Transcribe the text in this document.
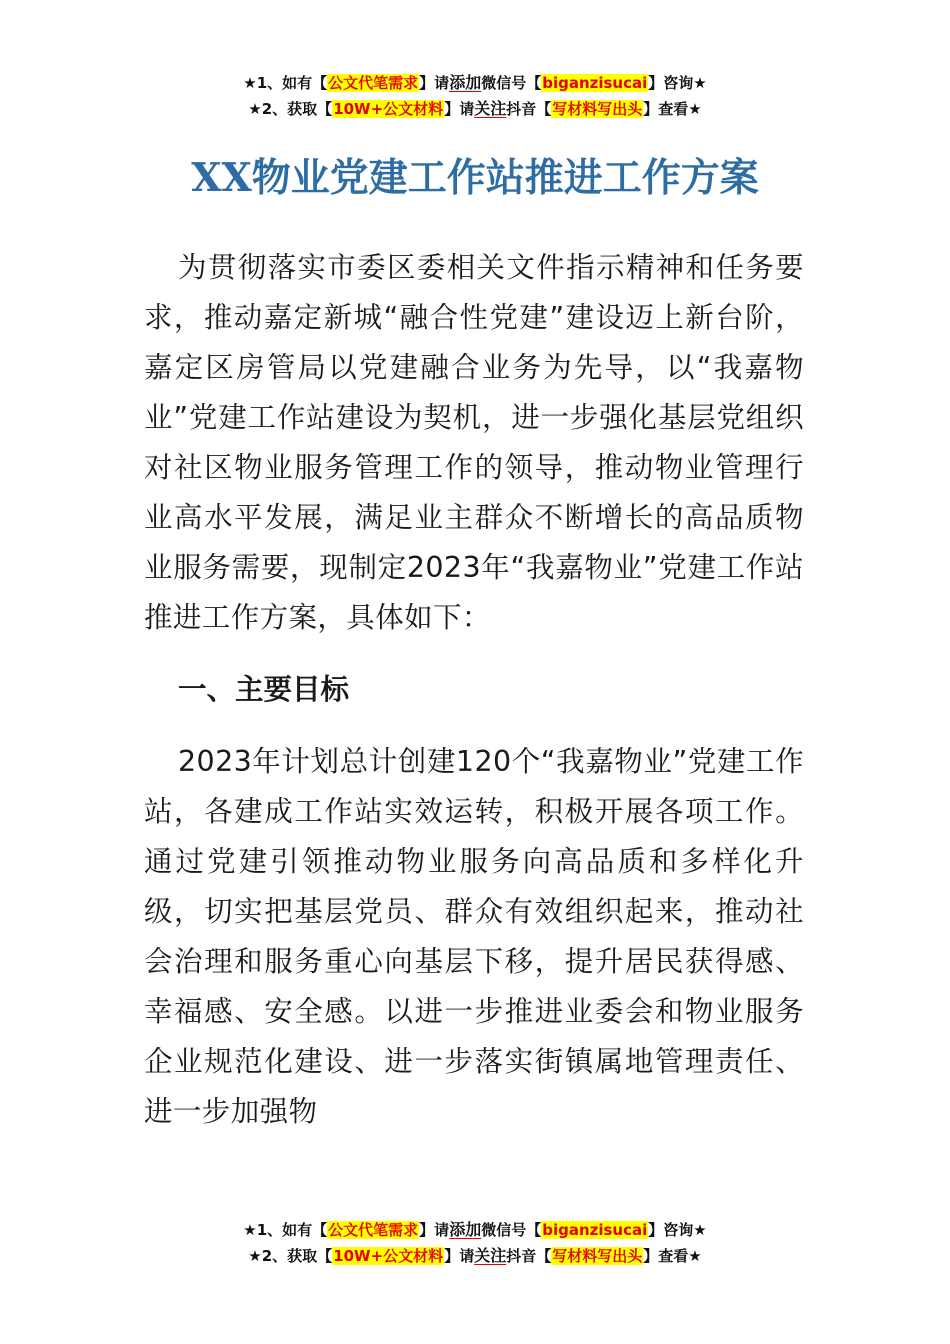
★1、如有【公文代笔需求】请添加微信号【biganzisucai】咨询★
★2、获取【10W+公文材料】请关注抖音【写材料写出头】查看★
XX物业党建工作站推进工作方案

为贯彻落实市委区委相关文件指示精神和任务要求，推动嘉定新城“融合性党建”建设迈上新台阶，嘉定区房管局以党建融合业务为先导，以“我嘉物业”党建工作站建设为契机，进一步强化基层党组织对社区物业服务管理工作的领导，推动物业管理行业高水平发展，满足业主群众不断增长的高品质物业服务需要，现制定2023年“我嘉物业”党建工作站推进工作方案，具体如下：

一、主要目标

2023年计划总计创建120个“我嘉物业”党建工作站，各建成工作站实效运转，积极开展各项工作。通过党建引领推动物业服务向高品质和多样化升级，切实把基层党员、群众有效组织起来，推动社会治理和服务重心向基层下移，提升居民获得感、幸福感、安全感。以进一步推进业委会和物业服务企业规范化建设、进一步落实街镇属地管理责任、进一步加强物

★1、如有【公文代笔需求】请添加微信号【biganzisucai】咨询★
★2、获取【10W+公文材料】请关注抖音【写材料写出头】查看★
